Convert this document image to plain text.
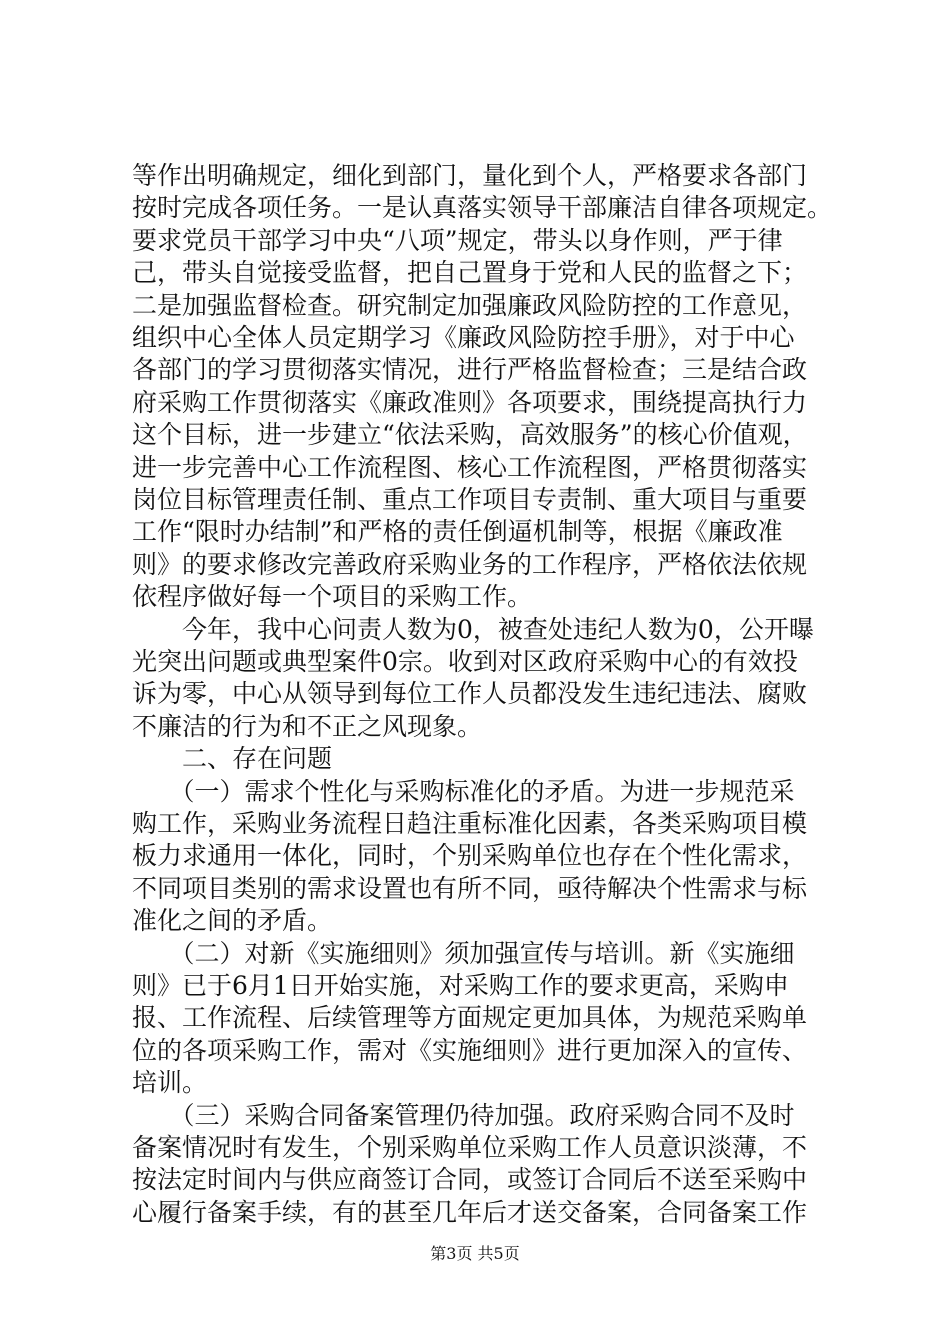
等作出明确规定，细化到部门，量化到个人，严格要求各部门
按时完成各项任务。一是认真落实领导干部廉洁自律各项规定。
要求党员干部学习中央“八项”规定，带头以身作则，严于律
己，带头自觉接受监督，把自己置身于党和人民的监督之下；
二是加强监督检查。研究制定加强廉政风险防控的工作意见，
组织中心全体人员定期学习《廉政风险防控手册》，对于中心
各部门的学习贯彻落实情况，进行严格监督检查；三是结合政
府采购工作贯彻落实《廉政准则》各项要求，围绕提高执行力
这个目标，进一步建立“依法采购，高效服务”的核心价值观，
进一步完善中心工作流程图、核心工作流程图，严格贯彻落实
岗位目标管理责任制、重点工作项目专责制、重大项目与重要
工作“限时办结制”和严格的责任倒逼机制等，根据《廉政准
则》的要求修改完善政府采购业务的工作程序，严格依法依规
依程序做好每一个项目的采购工作。
　　今年，我中心问责人数为0，被查处违纪人数为0，公开曝
光突出问题或典型案件0宗。收到对区政府采购中心的有效投
诉为零，中心从领导到每位工作人员都没发生违纪违法、腐败
不廉洁的行为和不正之风现象。
　　二、存在问题
　　（一）需求个性化与采购标准化的矛盾。为进一步规范采
购工作，采购业务流程日趋注重标准化因素，各类采购项目模
板力求通用一体化，同时，个别采购单位也存在个性化需求，
不同项目类别的需求设置也有所不同，亟待解决个性需求与标
准化之间的矛盾。
　　（二）对新《实施细则》须加强宣传与培训。新《实施细
则》已于6月1日开始实施，对采购工作的要求更高，采购申
报、工作流程、后续管理等方面规定更加具体，为规范采购单
位的各项采购工作，需对《实施细则》进行更加深入的宣传、
培训。
　　（三）采购合同备案管理仍待加强。政府采购合同不及时
备案情况时有发生，个别采购单位采购工作人员意识淡薄，不
按法定时间内与供应商签订合同，或签订合同后不送至采购中
心履行备案手续，有的甚至几年后才送交备案，合同备案工作
第3页 共5页
